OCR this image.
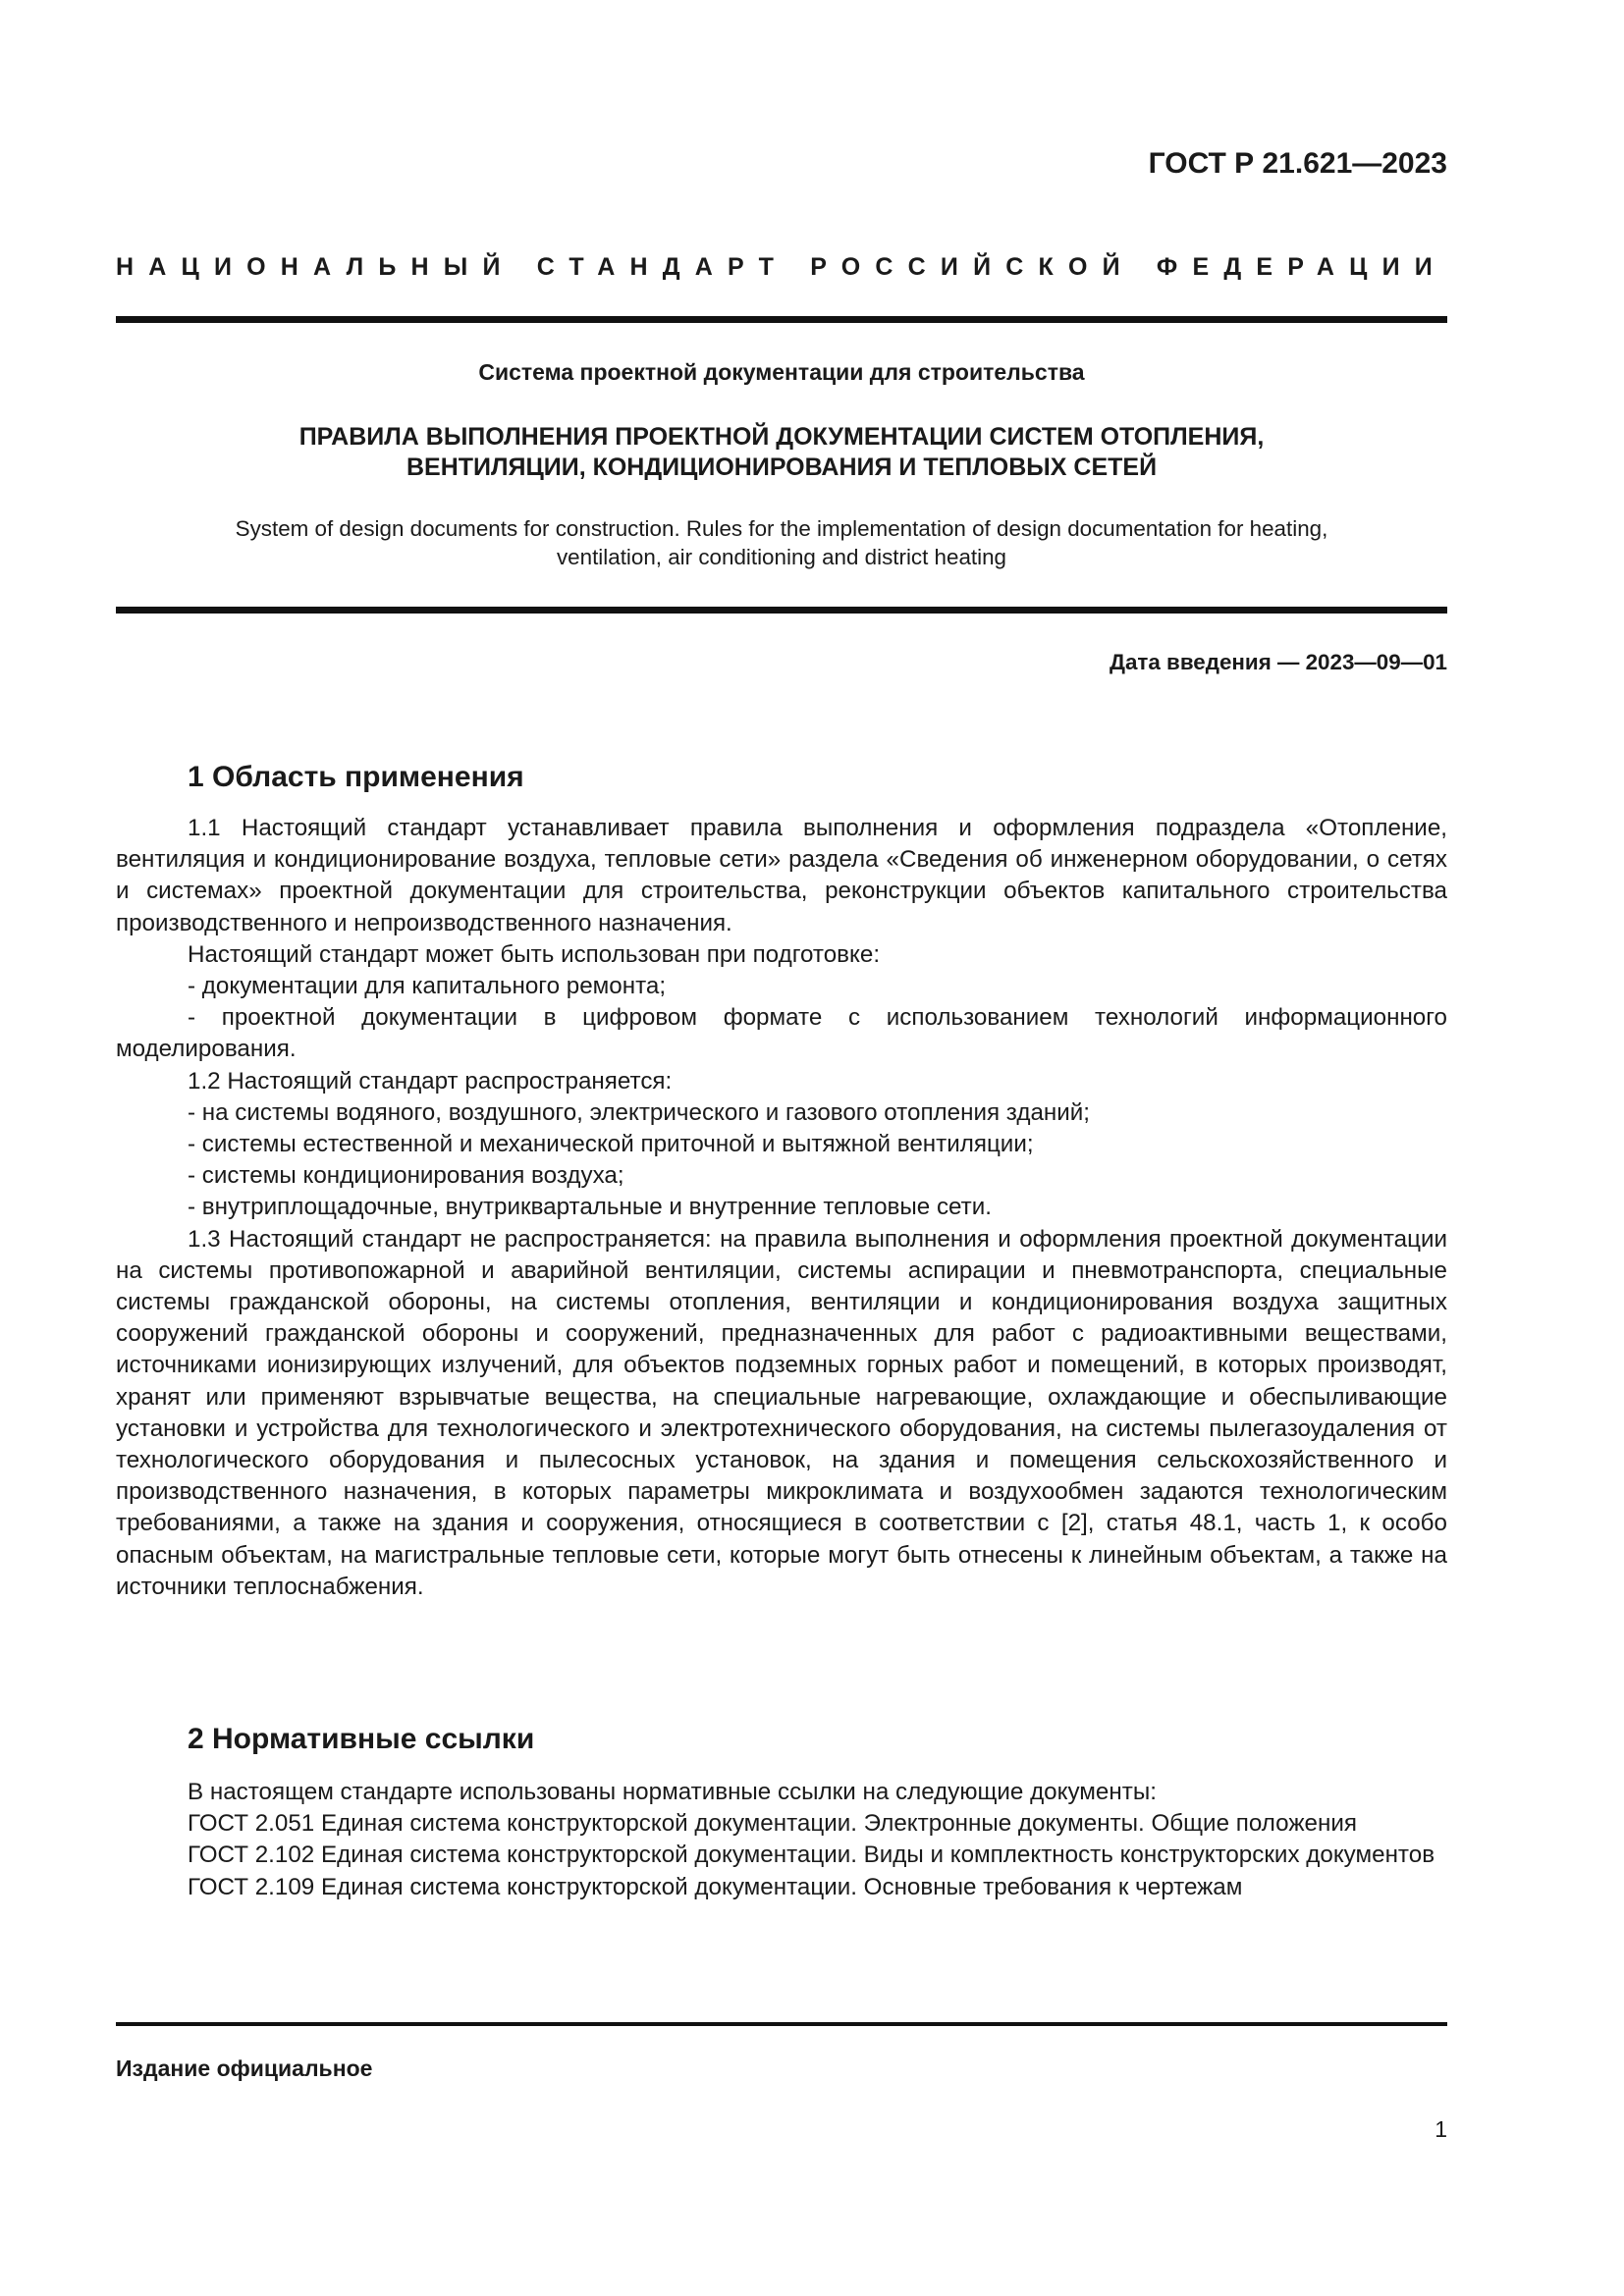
ГОСТ Р 21.621—2023
НАЦИОНАЛЬНЫЙ СТАНДАРТ РОССИЙСКОЙ ФЕДЕРАЦИИ
Система проектной документации для строительства
ПРАВИЛА ВЫПОЛНЕНИЯ ПРОЕКТНОЙ ДОКУМЕНТАЦИИ СИСТЕМ ОТОПЛЕНИЯ,
ВЕНТИЛЯЦИИ, КОНДИЦИОНИРОВАНИЯ И ТЕПЛОВЫХ СЕТЕЙ
System of design documents for construction. Rules for the implementation of design documentation for heating,
ventilation, air conditioning and district heating
Дата введения — 2023—09—01
1 Область применения

1.1 Настоящий стандарт устанавливает правила выполнения и оформления подраздела «Отопление, вентиляция и кондиционирование воздуха, тепловые сети» раздела «Сведения об инженерном оборудовании, о сетях и системах» проектной документации для строительства, реконструкции объектов капитального строительства производственного и непроизводственного назначения.

Настоящий стандарт может быть использован при подготовке:

- документации для капитального ремонта;

- проектной документации в цифровом формате с использованием технологий информационного моделирования.

1.2 Настоящий стандарт распространяется:

- на системы водяного, воздушного, электрического и газового отопления зданий;

- системы естественной и механической приточной и вытяжной вентиляции;

- системы кондиционирования воздуха;

- внутриплощадочные, внутриквартальные и внутренние тепловые сети.

1.3 Настоящий стандарт не распространяется: на правила выполнения и оформления проектной документации на системы противопожарной и аварийной вентиляции, системы аспирации и пневмотранспорта, специальные системы гражданской обороны, на системы отопления, вентиляции и кондиционирования воздуха защитных сооружений гражданской обороны и сооружений, предназначенных для работ с радиоактивными веществами, источниками ионизирующих излучений, для объектов подземных горных работ и помещений, в которых производят, хранят или применяют взрывчатые вещества, на специальные нагревающие, охлаждающие и обеспыливающие установки и устройства для технологического и электротехнического оборудования, на системы пылегазоудаления от технологического оборудования и пылесосных установок, на здания и помещения сельскохозяйственного и производственного назначения, в которых параметры микроклимата и воздухообмен задаются технологическим требованиями, а также на здания и сооружения, относящиеся в соответствии с [2], статья 48.1, часть 1, к особо опасным объектам, на магистральные тепловые сети, которые могут быть отнесены к линейным объектам, а также на источники теплоснабжения.

2 Нормативные ссылки

В настоящем стандарте использованы нормативные ссылки на следующие документы:

ГОСТ 2.051 Единая система конструкторской документации. Электронные документы. Общие положения

ГОСТ 2.102 Единая система конструкторской документации. Виды и комплектность конструкторских документов

ГОСТ 2.109 Единая система конструкторской документации. Основные требования к чертежам

Издание официальное
1
